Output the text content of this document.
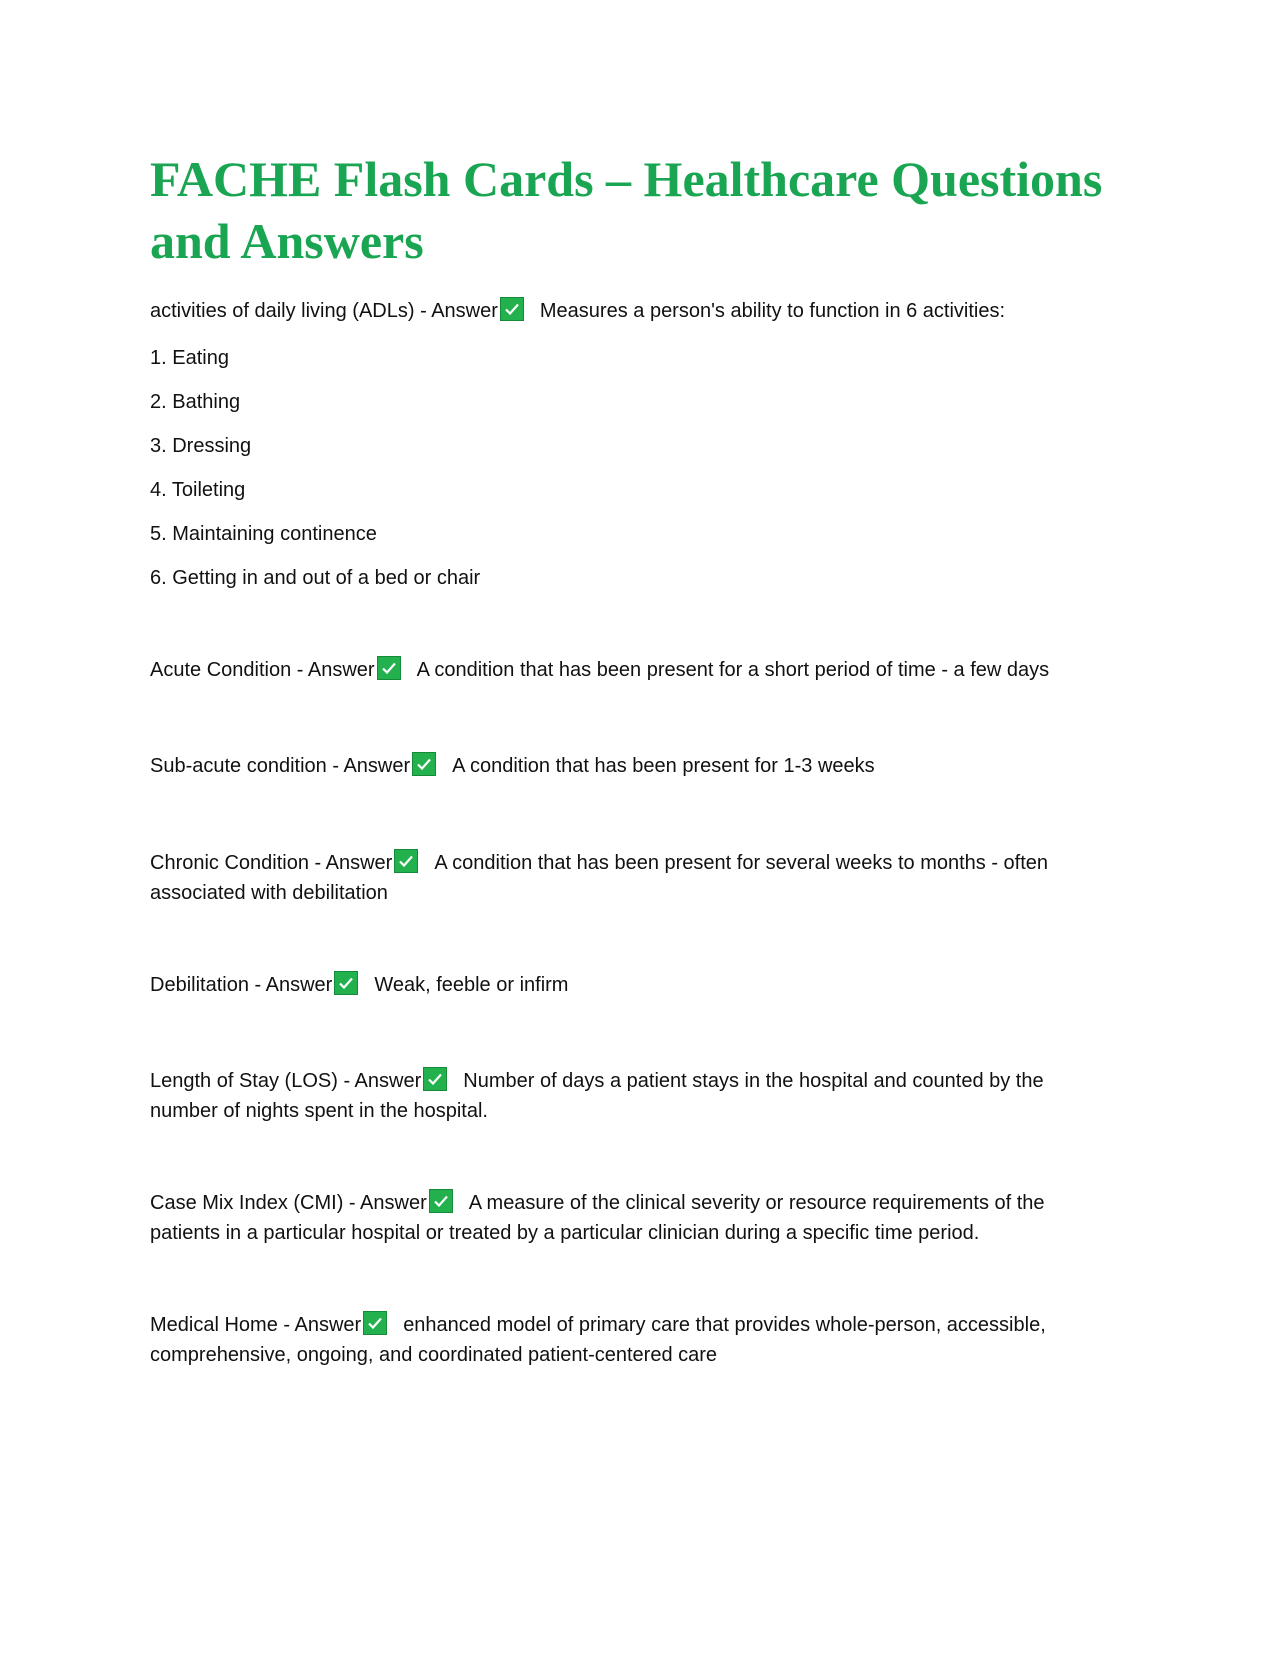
FACHE Flash Cards – Healthcare Questions
and Answers
activities of daily living (ADLs) - Answer Measures a person's ability to function in 6 activities:
1. Eating
2. Bathing
3. Dressing
4. Toileting
5. Maintaining continence
6. Getting in and out of a bed or chair
Acute Condition - Answer A condition that has been present for a short period of time - a few days
Sub-acute condition - Answer A condition that has been present for 1-3 weeks
Chronic Condition - Answer A condition that has been present for several weeks to months - often
associated with debilitation
Debilitation - Answer Weak, feeble or infirm
Length of Stay (LOS) - Answer Number of days a patient stays in the hospital and counted by the
number of nights spent in the hospital.
Case Mix Index (CMI) - Answer A measure of the clinical severity or resource requirements of the
patients in a particular hospital or treated by a particular clinician during a specific time period.
Medical Home - Answer enhanced model of primary care that provides whole-person, accessible,
comprehensive, ongoing, and coordinated patient-centered care
